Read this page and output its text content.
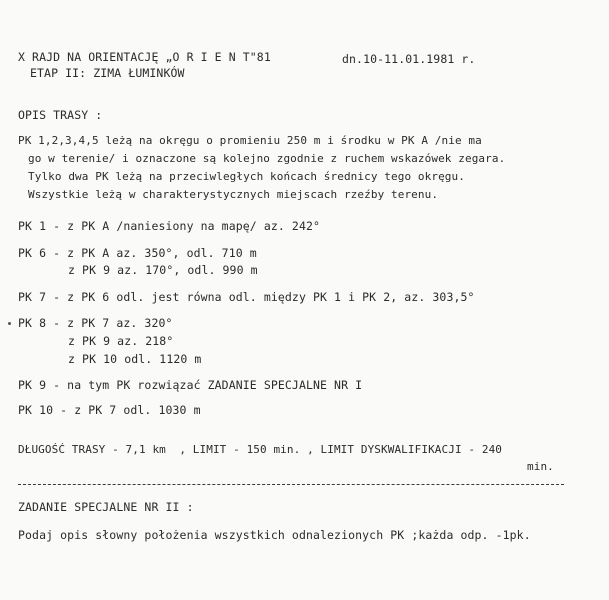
X RAJD NA ORIENTACJĘ „O R I E N T"81	dn.10-11.01.1981 r.
ETAP II: ZIMA ŁUMINKÓW
OPIS TRASY :
PK 1,2,3,4,5 leżą na okręgu o promieniu 250 m i środku w PK A /nie ma
go w terenie/ i oznaczone są kolejno zgodnie z ruchem wskazówek zegara.
Tylko dwa PK leżą na przeciwległych końcach średnicy tego okręgu.
Wszystkie leżą w charakterystycznych miejscach rzeźby terenu.
PK 1 - z PK A /naniesiony na mapę/ az. 242°
PK 6 - z PK A az. 350°, odl. 710 m
z PK 9 az. 170°, odl. 990 m
PK 7 - z PK 6 odl. jest równa odl. między PK 1 i PK 2, az. 303,5°
PK 8 - z PK 7 az. 320°
z PK 9 az. 218°
z PK 10 odl. 1120 m
PK 9 - na tym PK rozwiązać ZADANIE SPECJALNE NR I
PK 10 - z PK 7 odl. 1030 m
DŁUGOŚĆ TRASY - 7,1 km  , LIMIT - 150 min. , LIMIT DYSKWALIFIKACJI - 240
min.
ZADANIE SPECJALNE NR II :
Podaj opis słowny położenia wszystkich odnalezionych PK ;każda odp. -1pk.
